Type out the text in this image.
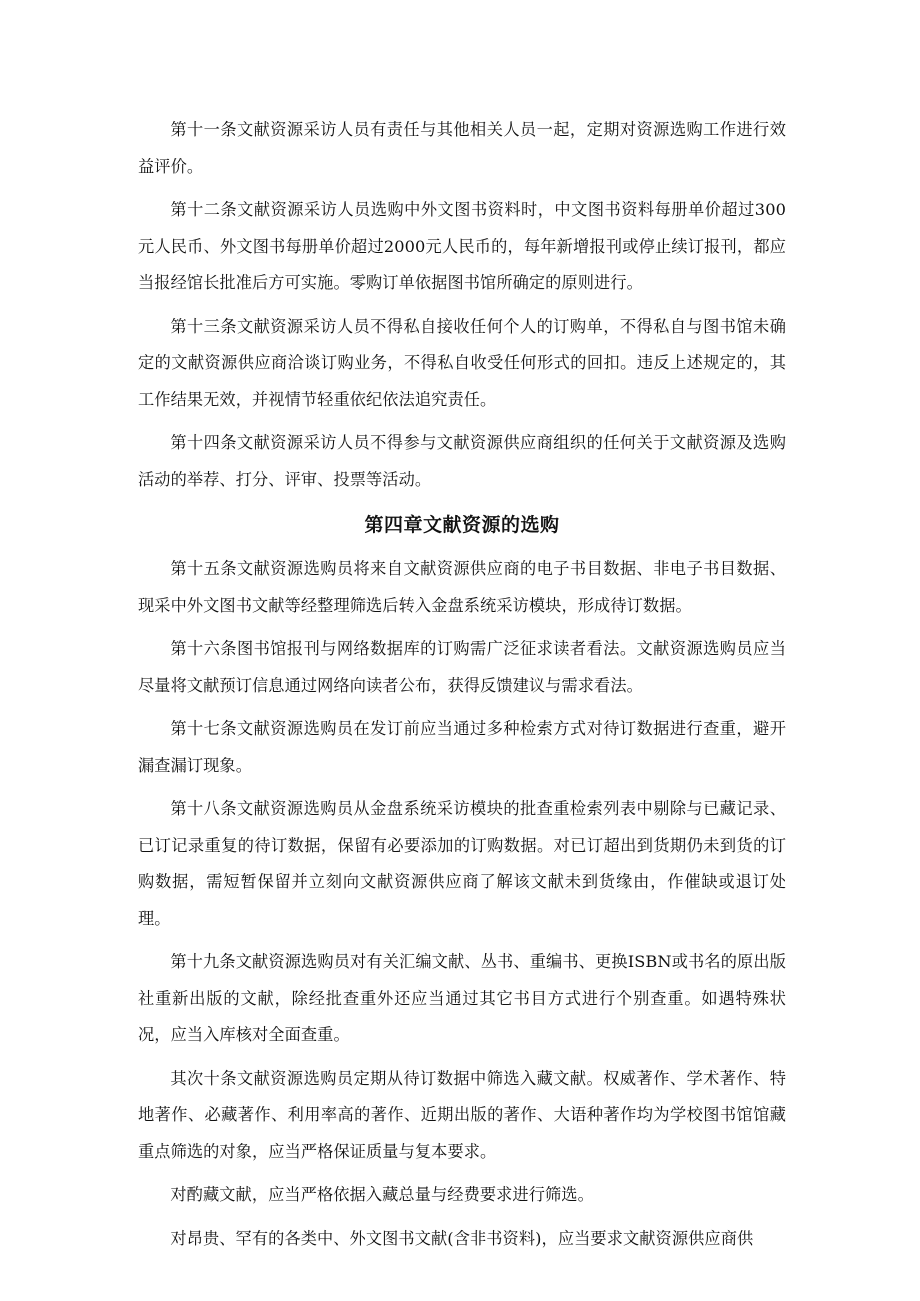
第十一条文献资源采访人员有责任与其他相关人员一起，定期对资源选购工作进行效益评价。

第十二条文献资源采访人员选购中外文图书资料时，中文图书资料每册单价超过300元人民币、外文图书每册单价超过2000元人民币的，每年新增报刊或停止续订报刊，都应当报经馆长批准后方可实施。零购订单依据图书馆所确定的原则进行。

第十三条文献资源采访人员不得私自接收任何个人的订购单，不得私自与图书馆未确定的文献资源供应商洽谈订购业务，不得私自收受任何形式的回扣。违反上述规定的，其工作结果无效，并视情节轻重依纪依法追究责任。

第十四条文献资源采访人员不得参与文献资源供应商组织的任何关于文献资源及选购活动的举荐、打分、评审、投票等活动。

第四章文献资源的选购

第十五条文献资源选购员将来自文献资源供应商的电子书目数据、非电子书目数据、现采中外文图书文献等经整理筛选后转入金盘系统采访模块，形成待订数据。

第十六条图书馆报刊与网络数据库的订购需广泛征求读者看法。文献资源选购员应当尽量将文献预订信息通过网络向读者公布，获得反馈建议与需求看法。

第十七条文献资源选购员在发订前应当通过多种检索方式对待订数据进行查重，避开漏查漏订现象。

第十八条文献资源选购员从金盘系统采访模块的批查重检索列表中剔除与已藏记录、已订记录重复的待订数据，保留有必要添加的订购数据。对已订超出到货期仍未到货的订购数据，需短暂保留并立刻向文献资源供应商了解该文献未到货缘由，作催缺或退订处理。

第十九条文献资源选购员对有关汇编文献、丛书、重编书、更换ISBN或书名的原出版社重新出版的文献，除经批查重外还应当通过其它书目方式进行个别查重。如遇特殊状况，应当入库核对全面查重。

其次十条文献资源选购员定期从待订数据中筛选入藏文献。权威著作、学术著作、特地著作、必藏著作、利用率高的著作、近期出版的著作、大语种著作均为学校图书馆馆藏重点筛选的对象，应当严格保证质量与复本要求。

对酌藏文献，应当严格依据入藏总量与经费要求进行筛选。

对昂贵、罕有的各类中、外文图书文献(含非书资料)，应当要求文献资源供应商供
